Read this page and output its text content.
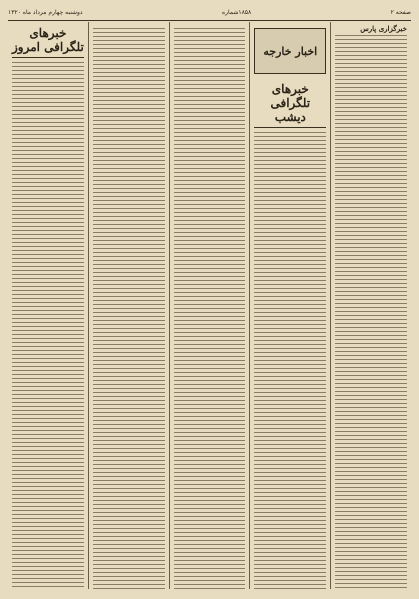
صفحه ۲
۱۸۵۸شماره
دوشنبه چهارم مرداد ماه ۱۳۲۰
خبرگزاری پارس
اخبار خارجه
خبرهای تلگرافی دیشب
خبرهای تلگرافی امروز
